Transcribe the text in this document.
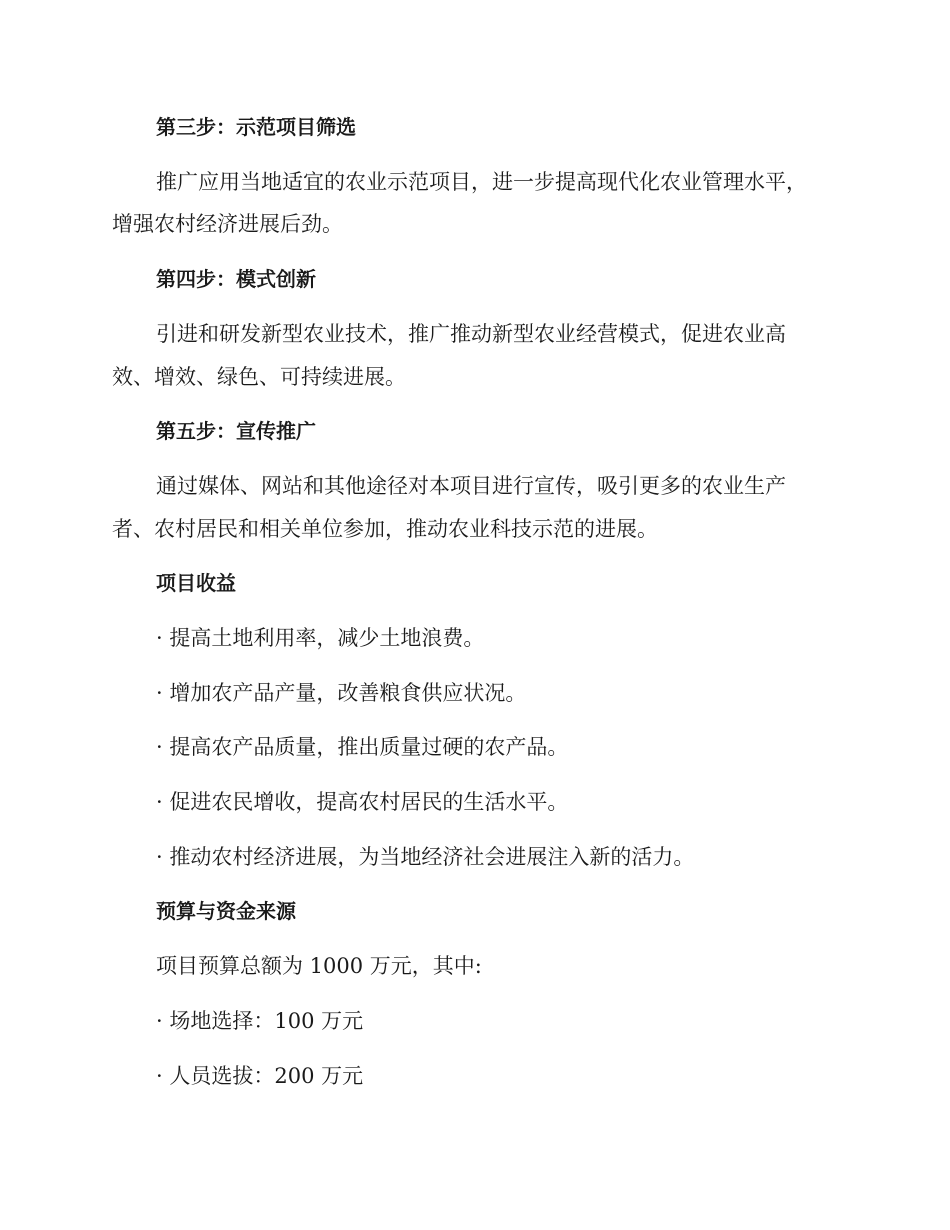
第三步：示范项目筛选
推广应用当地适宜的农业示范项目，进一步提高现代化农业管理水平，
增强农村经济进展后劲。
第四步：模式创新
引进和研发新型农业技术，推广推动新型农业经营模式，促进农业高
效、增效、绿色、可持续进展。
第五步：宣传推广
通过媒体、网站和其他途径对本项目进行宣传，吸引更多的农业生产
者、农村居民和相关单位参加，推动农业科技示范的进展。
项目收益
· 提高土地利用率，减少土地浪费。
· 增加农产品产量，改善粮食供应状况。
· 提高农产品质量，推出质量过硬的农产品。
· 促进农民增收，提高农村居民的生活水平。
· 推动农村经济进展，为当地经济社会进展注入新的活力。
预算与资金来源
项目预算总额为 1000 万元，其中:
· 场地选择：100 万元
· 人员选拔：200 万元
